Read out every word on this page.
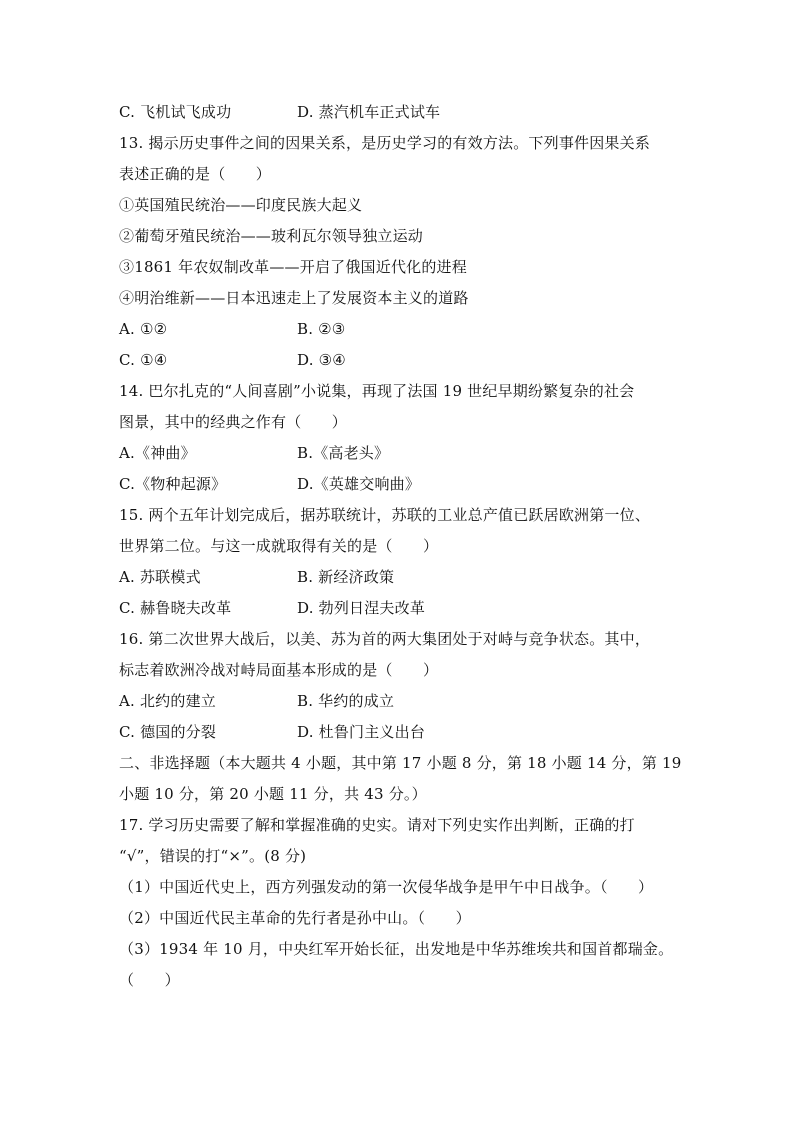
C. 飞机试飞成功	D. 蒸汽机车正式试车
13. 揭示历史事件之间的因果关系，是历史学习的有效方法。下列事件因果关系
表述正确的是（　　）
①英国殖民统治——印度民族大起义
②葡萄牙殖民统治——玻利瓦尔领导独立运动
③1861 年农奴制改革——开启了俄国近代化的进程
④明治维新——日本迅速走上了发展资本主义的道路
A. ①②	B. ②③
C. ①④	D. ③④
14. 巴尔扎克的“人间喜剧”小说集，再现了法国 19 世纪早期纷繁复杂的社会
图景，其中的经典之作有（　　）
A.《神曲》	B.《高老头》
C.《物种起源》	D.《英雄交响曲》
15. 两个五年计划完成后，据苏联统计，苏联的工业总产值已跃居欧洲第一位、
世界第二位。与这一成就取得有关的是（　　）
A. 苏联模式	B. 新经济政策
C. 赫鲁晓夫改革	D. 勃列日涅夫改革
16. 第二次世界大战后，以美、苏为首的两大集团处于对峙与竞争状态。其中，
标志着欧洲冷战对峙局面基本形成的是（　　）
A. 北约的建立	B. 华约的成立
C. 德国的分裂	D. 杜鲁门主义出台
二、非选择题（本大题共 4 小题，其中第 17 小题 8 分，第 18 小题 14 分，第 19
小题 10 分，第 20 小题 11 分，共 43 分。）
17. 学习历史需要了解和掌握准确的史实。请对下列史实作出判断，正确的打
“√”，错误的打“×”。(8 分)
（1）中国近代史上，西方列强发动的第一次侵华战争是甲午中日战争。（　　）
（2）中国近代民主革命的先行者是孙中山。（　　）
（3）1934 年 10 月，中央红军开始长征，出发地是中华苏维埃共和国首都瑞金。
（　　）
